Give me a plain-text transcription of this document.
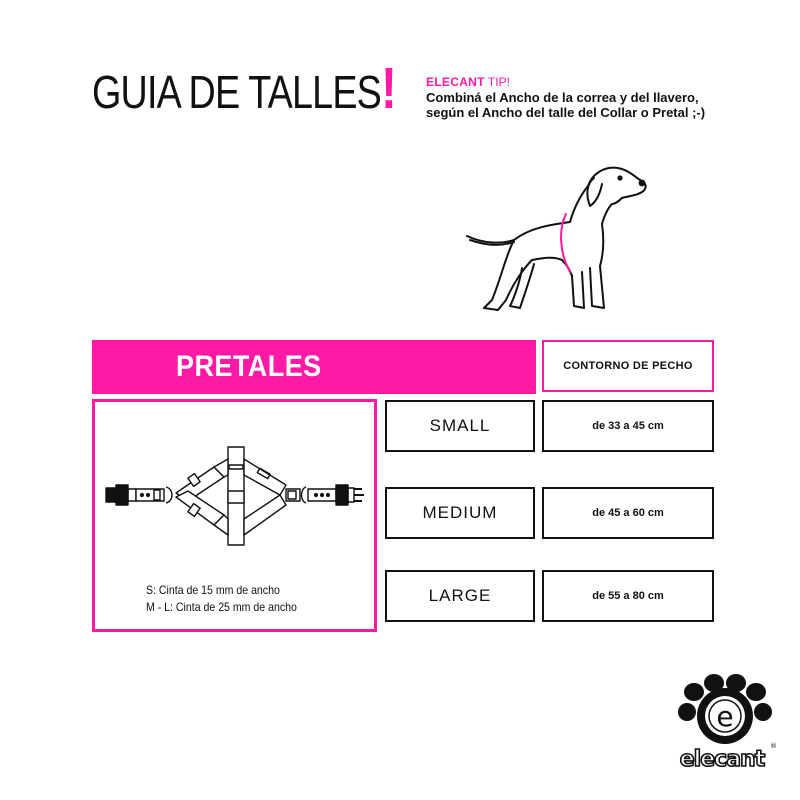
GUIA DE TALLES! ELECANT TIP!
Combiná el Ancho de la correa y del llavero,
según el Ancho del talle del Collar o Pretal ;-)
PRETALES	CONTORNO DE PECHO
S: Cinta de 15 mm de ancho
M - L: Cinta de 25 mm de ancho
SMALL	de 33 a 45 cm
MEDIUM	de 45 a 60 cm
LARGE	de 55 a 80 cm
e
elecant
®
